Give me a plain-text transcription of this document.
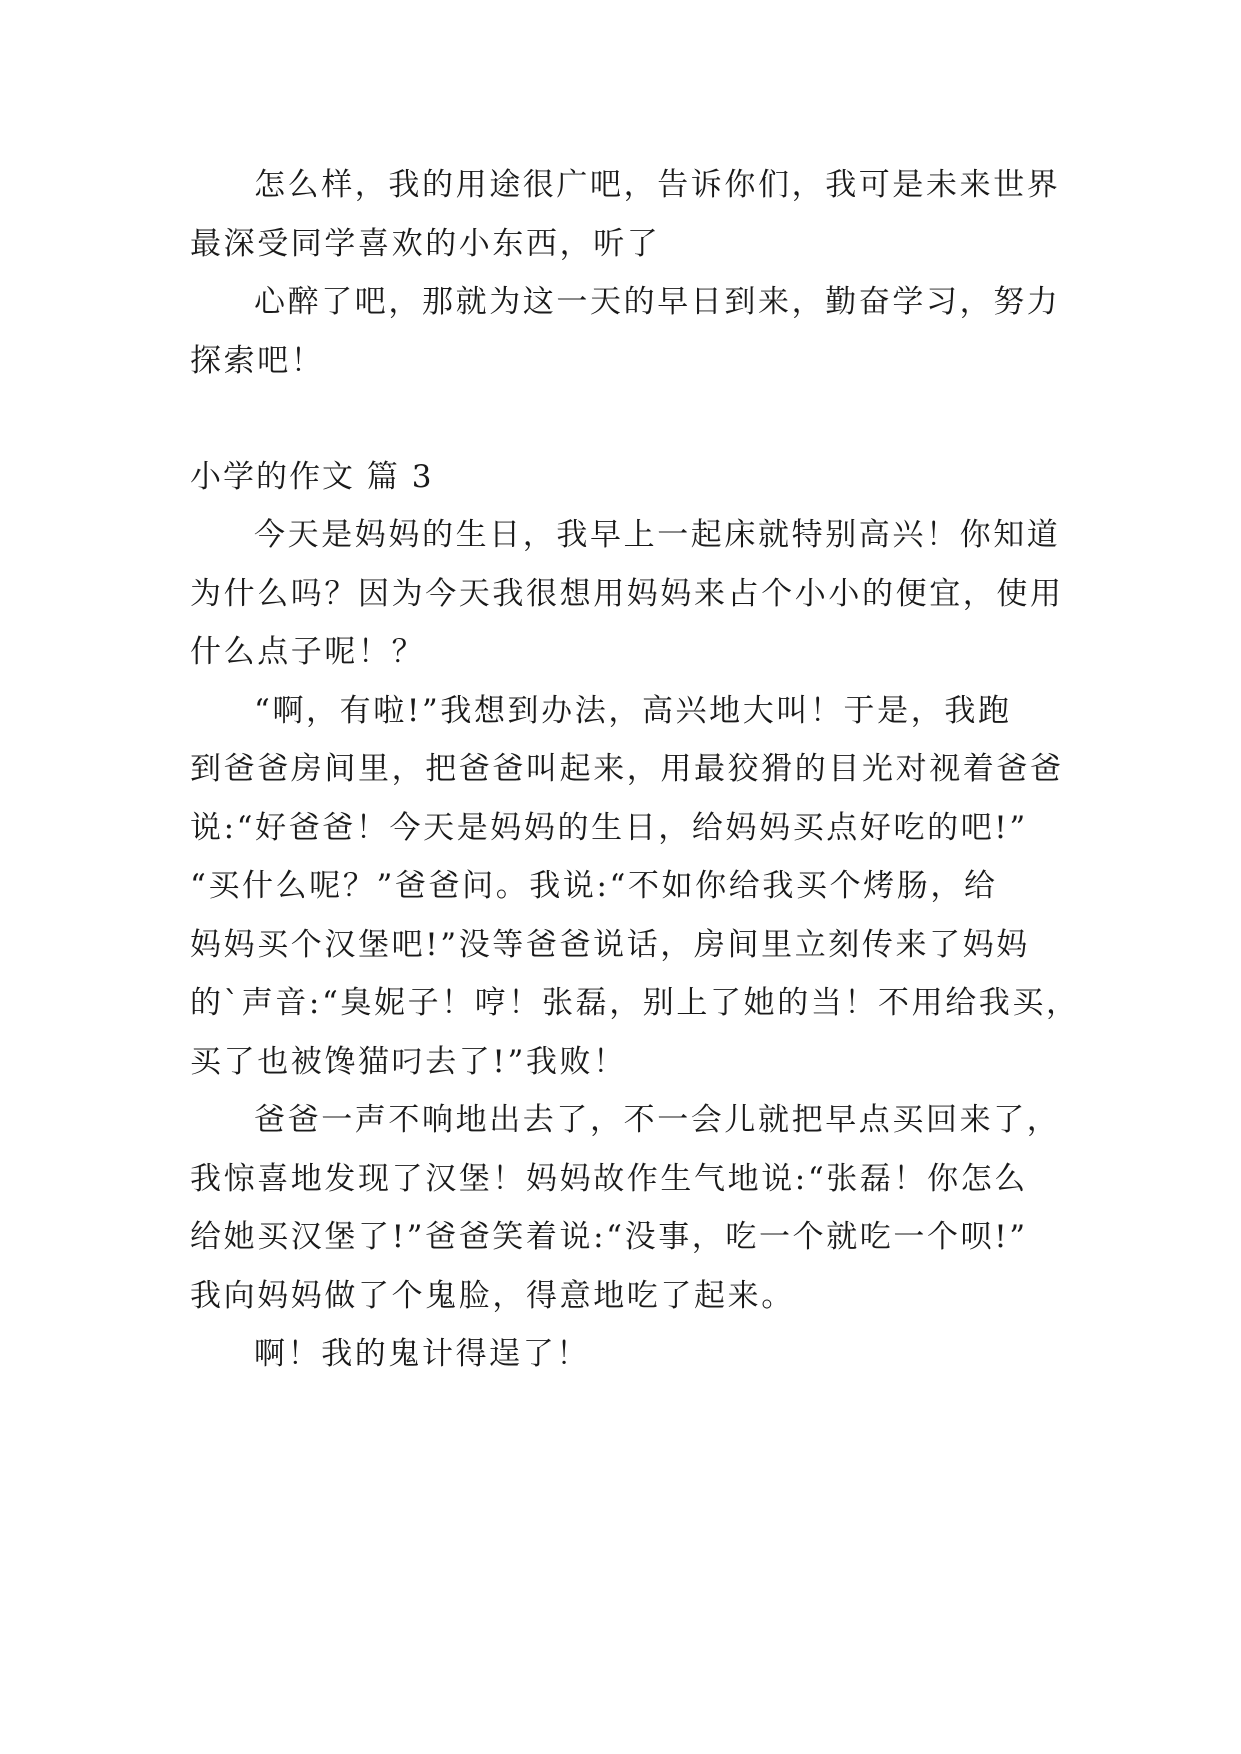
怎么样，我的用途很广吧，告诉你们，我可是未来世界
最深受同学喜欢的小东西，听了
心醉了吧，那就为这一天的早日到来，勤奋学习，努力
探索吧！
小学的作文 篇 3
今天是妈妈的生日，我早上一起床就特别高兴！你知道
为什么吗？因为今天我很想用妈妈来占个小小的便宜，使用
什么点子呢！？
“啊，有啦!”我想到办法，高兴地大叫！于是，我跑
到爸爸房间里，把爸爸叫起来，用最狡猾的目光对视着爸爸
说:“好爸爸！今天是妈妈的生日，给妈妈买点好吃的吧!”
“买什么呢？”爸爸问。我说:“不如你给我买个烤肠，给
妈妈买个汉堡吧!”没等爸爸说话，房间里立刻传来了妈妈
的`声音:“臭妮子！哼！张磊，别上了她的当！不用给我买，
买了也被馋猫叼去了!”我败！
爸爸一声不响地出去了，不一会儿就把早点买回来了，
我惊喜地发现了汉堡！妈妈故作生气地说:“张磊！你怎么
给她买汉堡了!”爸爸笑着说:“没事，吃一个就吃一个呗!”
我向妈妈做了个鬼脸，得意地吃了起来。
啊！我的鬼计得逞了！
